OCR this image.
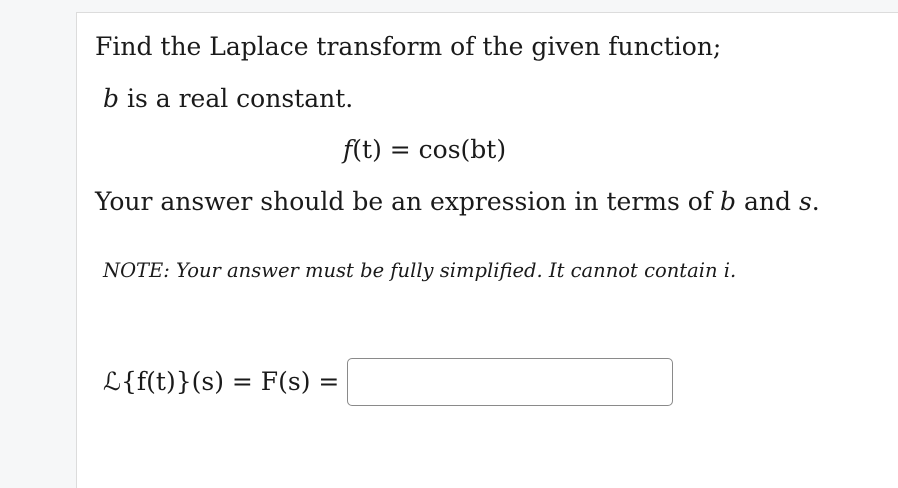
Find the Laplace transform of the given function;
b is a real constant.
f(t) = cos(bt)
Your answer should be an expression in terms of b and s.
NOTE: Your answer must be fully simplified. It cannot contain i.
ℒ{f(t)}(s) = F(s) =
